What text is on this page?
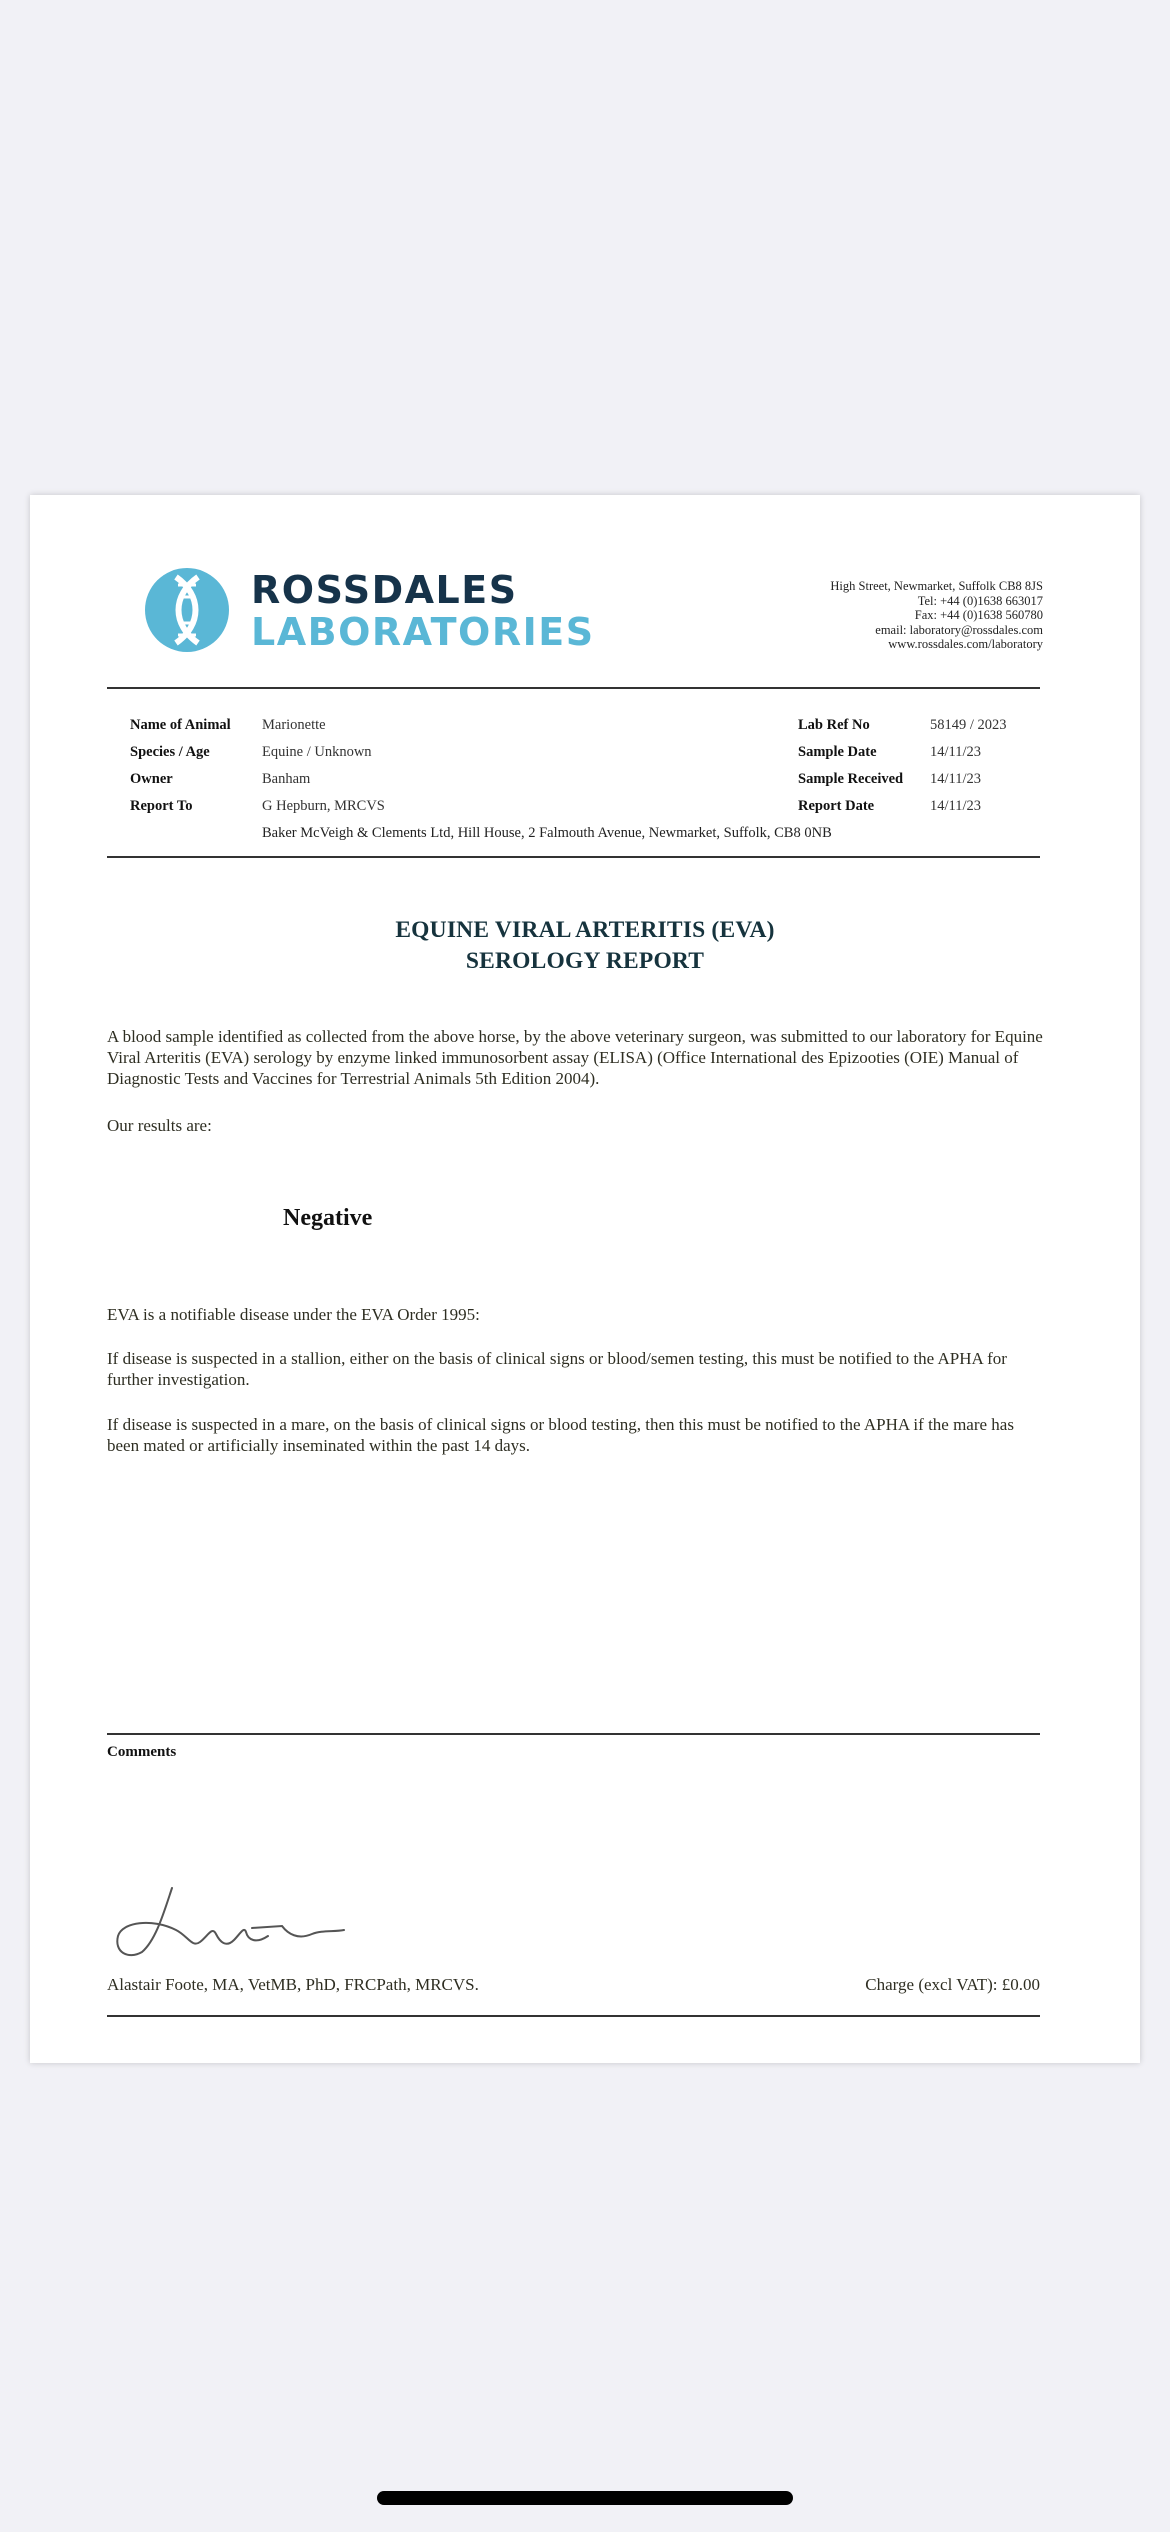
ROSSDALES
LABORATORIES
High Street, Newmarket, Suffolk CB8 8JS
Tel: +44 (0)1638 663017
Fax: +44 (0)1638 560780
email: laboratory@rossdales.com
www.rossdales.com/laboratory
Name of Animal Marionette
Species / Age	Equine / Unknown
Owner	Banham
Report To	G Hepburn, MRCVS
Lab Ref No	58149 / 2023
Sample Date	14/11/23
Sample Received 14/11/23
Report Date	14/11/23
Baker McVeigh & Clements Ltd, Hill House, 2 Falmouth Avenue, Newmarket, Suffolk, CB8 0NB
EQUINE VIRAL ARTERITIS (EVA)
SEROLOGY REPORT
A blood sample identified as collected from the above horse, by the above veterinary surgeon, was submitted to our laboratory for Equine Viral Arteritis (EVA) serology by enzyme linked immunosorbent assay (ELISA) (Office International des Epizooties (OIE) Manual of Diagnostic Tests and Vaccines for Terrestrial Animals 5th Edition 2004).
Our results are:
Negative
EVA is a notifiable disease under the EVA Order 1995:
If disease is suspected in a stallion, either on the basis of clinical signs or blood/semen testing, this must be notified to the APHA for further investigation.
If disease is suspected in a mare, on the basis of clinical signs or blood testing, then this must be notified to the APHA if the mare has been mated or artificially inseminated within the past 14 days.
Comments
Alastair Foote, MA, VetMB, PhD, FRCPath, MRCVS.	Charge (excl VAT): £0.00
